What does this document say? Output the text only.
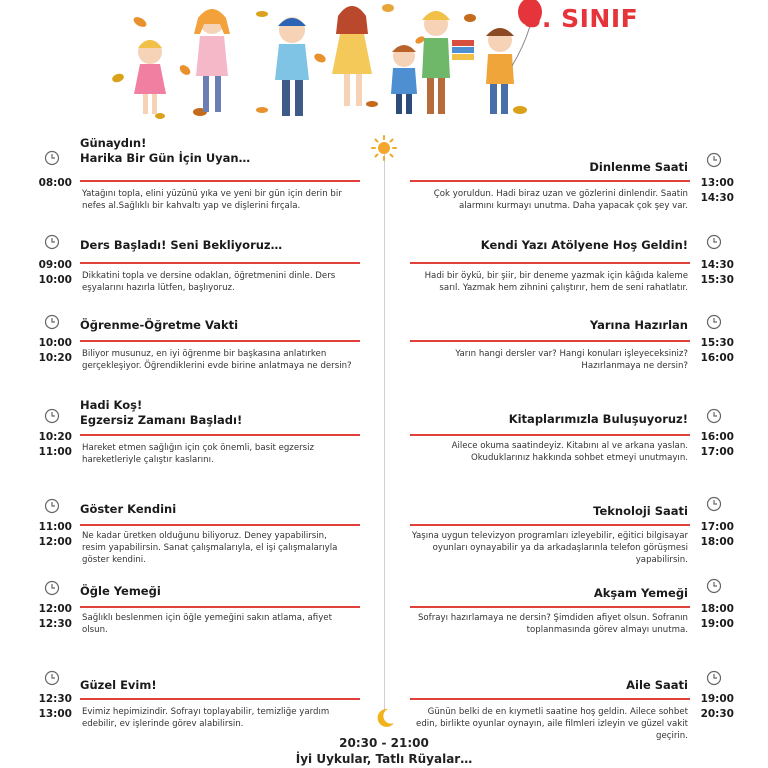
5. SINIF
Günaydın!
Harika Bir Gün İçin Uyan…
08:00
Yatağını topla, elini yüzünü yıka ve yeni bir gün için derin bir nefes al.Sağlıklı bir kahvaltı yap ve dişlerini fırçala.
Ders Başladı! Seni Bekliyoruz…
09:00
10:00 Dikkatini topla ve dersine odaklan, öğretmenini dinle. Ders eşyalarını hazırla lütfen, başlıyoruz.
Öğrenme-Öğretme Vakti
10:00
10:20 Biliyor musunuz, en iyi öğrenme bir başkasına anlatırken gerçekleşiyor. Öğrendiklerini evde birine anlatmaya ne dersin?
Hadi Koş!
Egzersiz Zamanı Başladı!
10:20
11:00 Hareket etmen sağlığın için çok önemli, basit egzersiz hareketleriyle çalıştır kaslarını.
Göster Kendini
11:00
12:00 Ne kadar üretken olduğunu biliyoruz. Deney yapabilirsin, resim yapabilirsin. Sanat çalışmalarıyla, el işi çalışmalarıyla göster kendini.
Öğle Yemeği
12:00
12:30 Sağlıklı beslenmen için öğle yemeğini sakın atlama, afiyet olsun.
Güzel Evim!
12:30
13:00 Evimiz hepimizindir. Sofrayı toplayabilir, temizliğe yardım edebilir, ev işlerinde görev alabilirsin.
Dinlenme Saati
13:00
14:30
Çok yoruldun. Hadi biraz uzan ve gözlerini dinlendir. Saatin alarmını kurmayı unutma. Daha yapacak çok şey var.
Kendi Yazı Atölyene Hoş Geldin!
14:30
15:30
Hadi bir öykü, bir şiir, bir deneme yazmak için kâğıda kaleme sarıl. Yazmak hem zihnini çalıştırır, hem de seni rahatlatır.
Yarına Hazırlan
15:30
16:00
Yarın hangi dersler var? Hangi konuları işleyeceksiniz? Hazırlanmaya ne dersin?
Kitaplarımızla Buluşuyoruz!
16:00
17:00
Ailece okuma saatindeyiz. Kitabını al ve arkana yaslan. Okuduklarınız hakkında sohbet etmeyi unutmayın.
Teknoloji Saati
17:00
18:00
Yaşına uygun televizyon programları izleyebilir, eğitici bilgisayar oyunları oynayabilir ya da arkadaşlarınla telefon görüşmesi yapabilirsin.
Akşam Yemeği
18:00
19:00
Sofrayı hazırlamaya ne dersin? Şimdiden afiyet olsun. Sofranın toplanmasında görev almayı unutma.
Aile Saati
19:00
20:30
Günün belki de en kıymetli saatine hoş geldin. Ailece sohbet edin, birlikte oyunlar oynayın, aile filmleri izleyin ve güzel vakit geçirin.
20:30 - 21:00
İyi Uykular, Tatlı Rüyalar…
